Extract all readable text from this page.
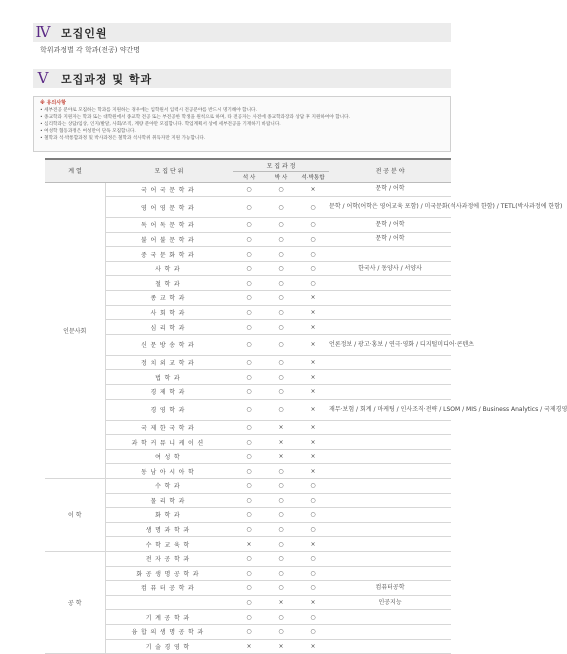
Ⅳ 모집인원
학위과정별 각 학과(전공) 약간명
Ⅴ	모집과정 및 학과
※ 유의사항
• 세부전공 분야로 모집하는 학과를 지원하는 경우에는 입학원서 입력시 전공분야를 반드시 명기해야 합니다.
• 종교학과 지원자는 학과 또는 대학원에서 종교학 전공 또는 부전공한 학생을 원칙으로 하며, 타 전공자는 사전에 종교학과장과 상담 후 지원하여야 합니다.
• 심리학과는 상담/임상, 인지/발달, 사회/조직, 계량 분야만 모집합니다. 학업계획서 상에 세부전공을 기재하기 바랍니다.
• 여성학 협동과정은 여성만이 단독 모집합니다.
• 철학과 석·박통합과정 및 박사과정은 철학과 석사학위 취득자만 지원 가능합니다.
계 열	모 집 단 위	모 집 과 정			전 공 분 야
		석 사	박 사	석·박통합	
인문사회	국어국문학과	○	○	×	문학 / 어학
	영어영문학과	○	○	○	문학 / 어학(어학은 영어교육 포함) / 미국문화(석사과정에 한함) / TETL(박사과정에 한함)
	독어독문학과	○	○	○	문학 / 어학
	불어불문학과	○	○	○	문학 / 어학
	중국문화학과	○	○	○	
	사학과	○	○	○	한국사 / 동양사 / 서양사
	철학과	○	○	○	
	종교학과	○	○	×	
	사회학과	○	○	×	
	심리학과	○	○	×	
	신문방송학과	○	○	×	언론정보 / 광고·홍보 / 연극·영화 / 디지털미디어·콘텐츠
	정치외교학과	○	○	×	
	법학과	○	○	×	
	경제학과	○	○	×	
	경영학과	○	○	×	재무·보험 / 회계 / 마케팅 / 인사조직·전략 / LSOM / MIS / Business Analytics / 국제경영
	국제한국학과	○	×	×	
	과학커뮤니케이션	○	×	×	
	여성학	○	×	×	
	동남아시아학	○	○	×	
이 학	수학과	○	○	○	
	물리학과	○	○	○	
	화학과	○	○	○	
	생명과학과	○	○	○	
	수학교육학	×	○	×	
공 학	전자공학과	○	○	○	
	화공생명공학과	○	○	○	
	컴퓨터공학과	○	○	○	컴퓨터공학
		○	×	×	인공지능
	기계공학과	○	○	○	
	융합의생명공학과	○	○	○	
	기술경영학	×	×	×	
